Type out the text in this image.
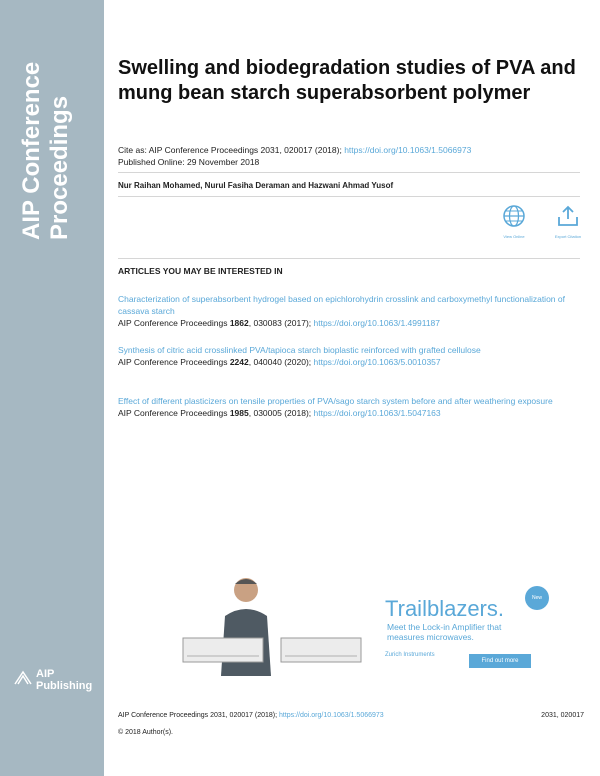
AIP Conference Proceedings
AIP
Publishing
Swelling and biodegradation studies of PVA and mung bean starch superabsorbent polymer
Cite as: AIP Conference Proceedings 2031, 020017 (2018); https://doi.org/10.1063/1.5066973
Published Online: 29 November 2018
Nur Raihan Mohamed, Nurul Fasiha Deraman and Hazwani Ahmad Yusof
View Online	Export Citation
ARTICLES YOU MAY BE INTERESTED IN
Characterization of superabsorbent hydrogel based on epichlorohydrin crosslink and carboxymethyl functionalization of cassava starch
AIP Conference Proceedings 1862, 030083 (2017); https://doi.org/10.1063/1.4991187
Synthesis of citric acid crosslinked PVA/tapioca starch bioplastic reinforced with grafted cellulose
AIP Conference Proceedings 2242, 040040 (2020); https://doi.org/10.1063/5.0010357
Effect of different plasticizers on tensile properties of PVA/sago starch system before and after weathering exposure
AIP Conference Proceedings 1985, 030005 (2018); https://doi.org/10.1063/1.5047163
Trailblazers.	New
Meet the Lock-in Amplifier that measures microwaves.
Zurich Instruments
Find out more
AIP Conference Proceedings 2031, 020017 (2018); https://doi.org/10.1063/1.5066973	2031, 020017
© 2018 Author(s).
